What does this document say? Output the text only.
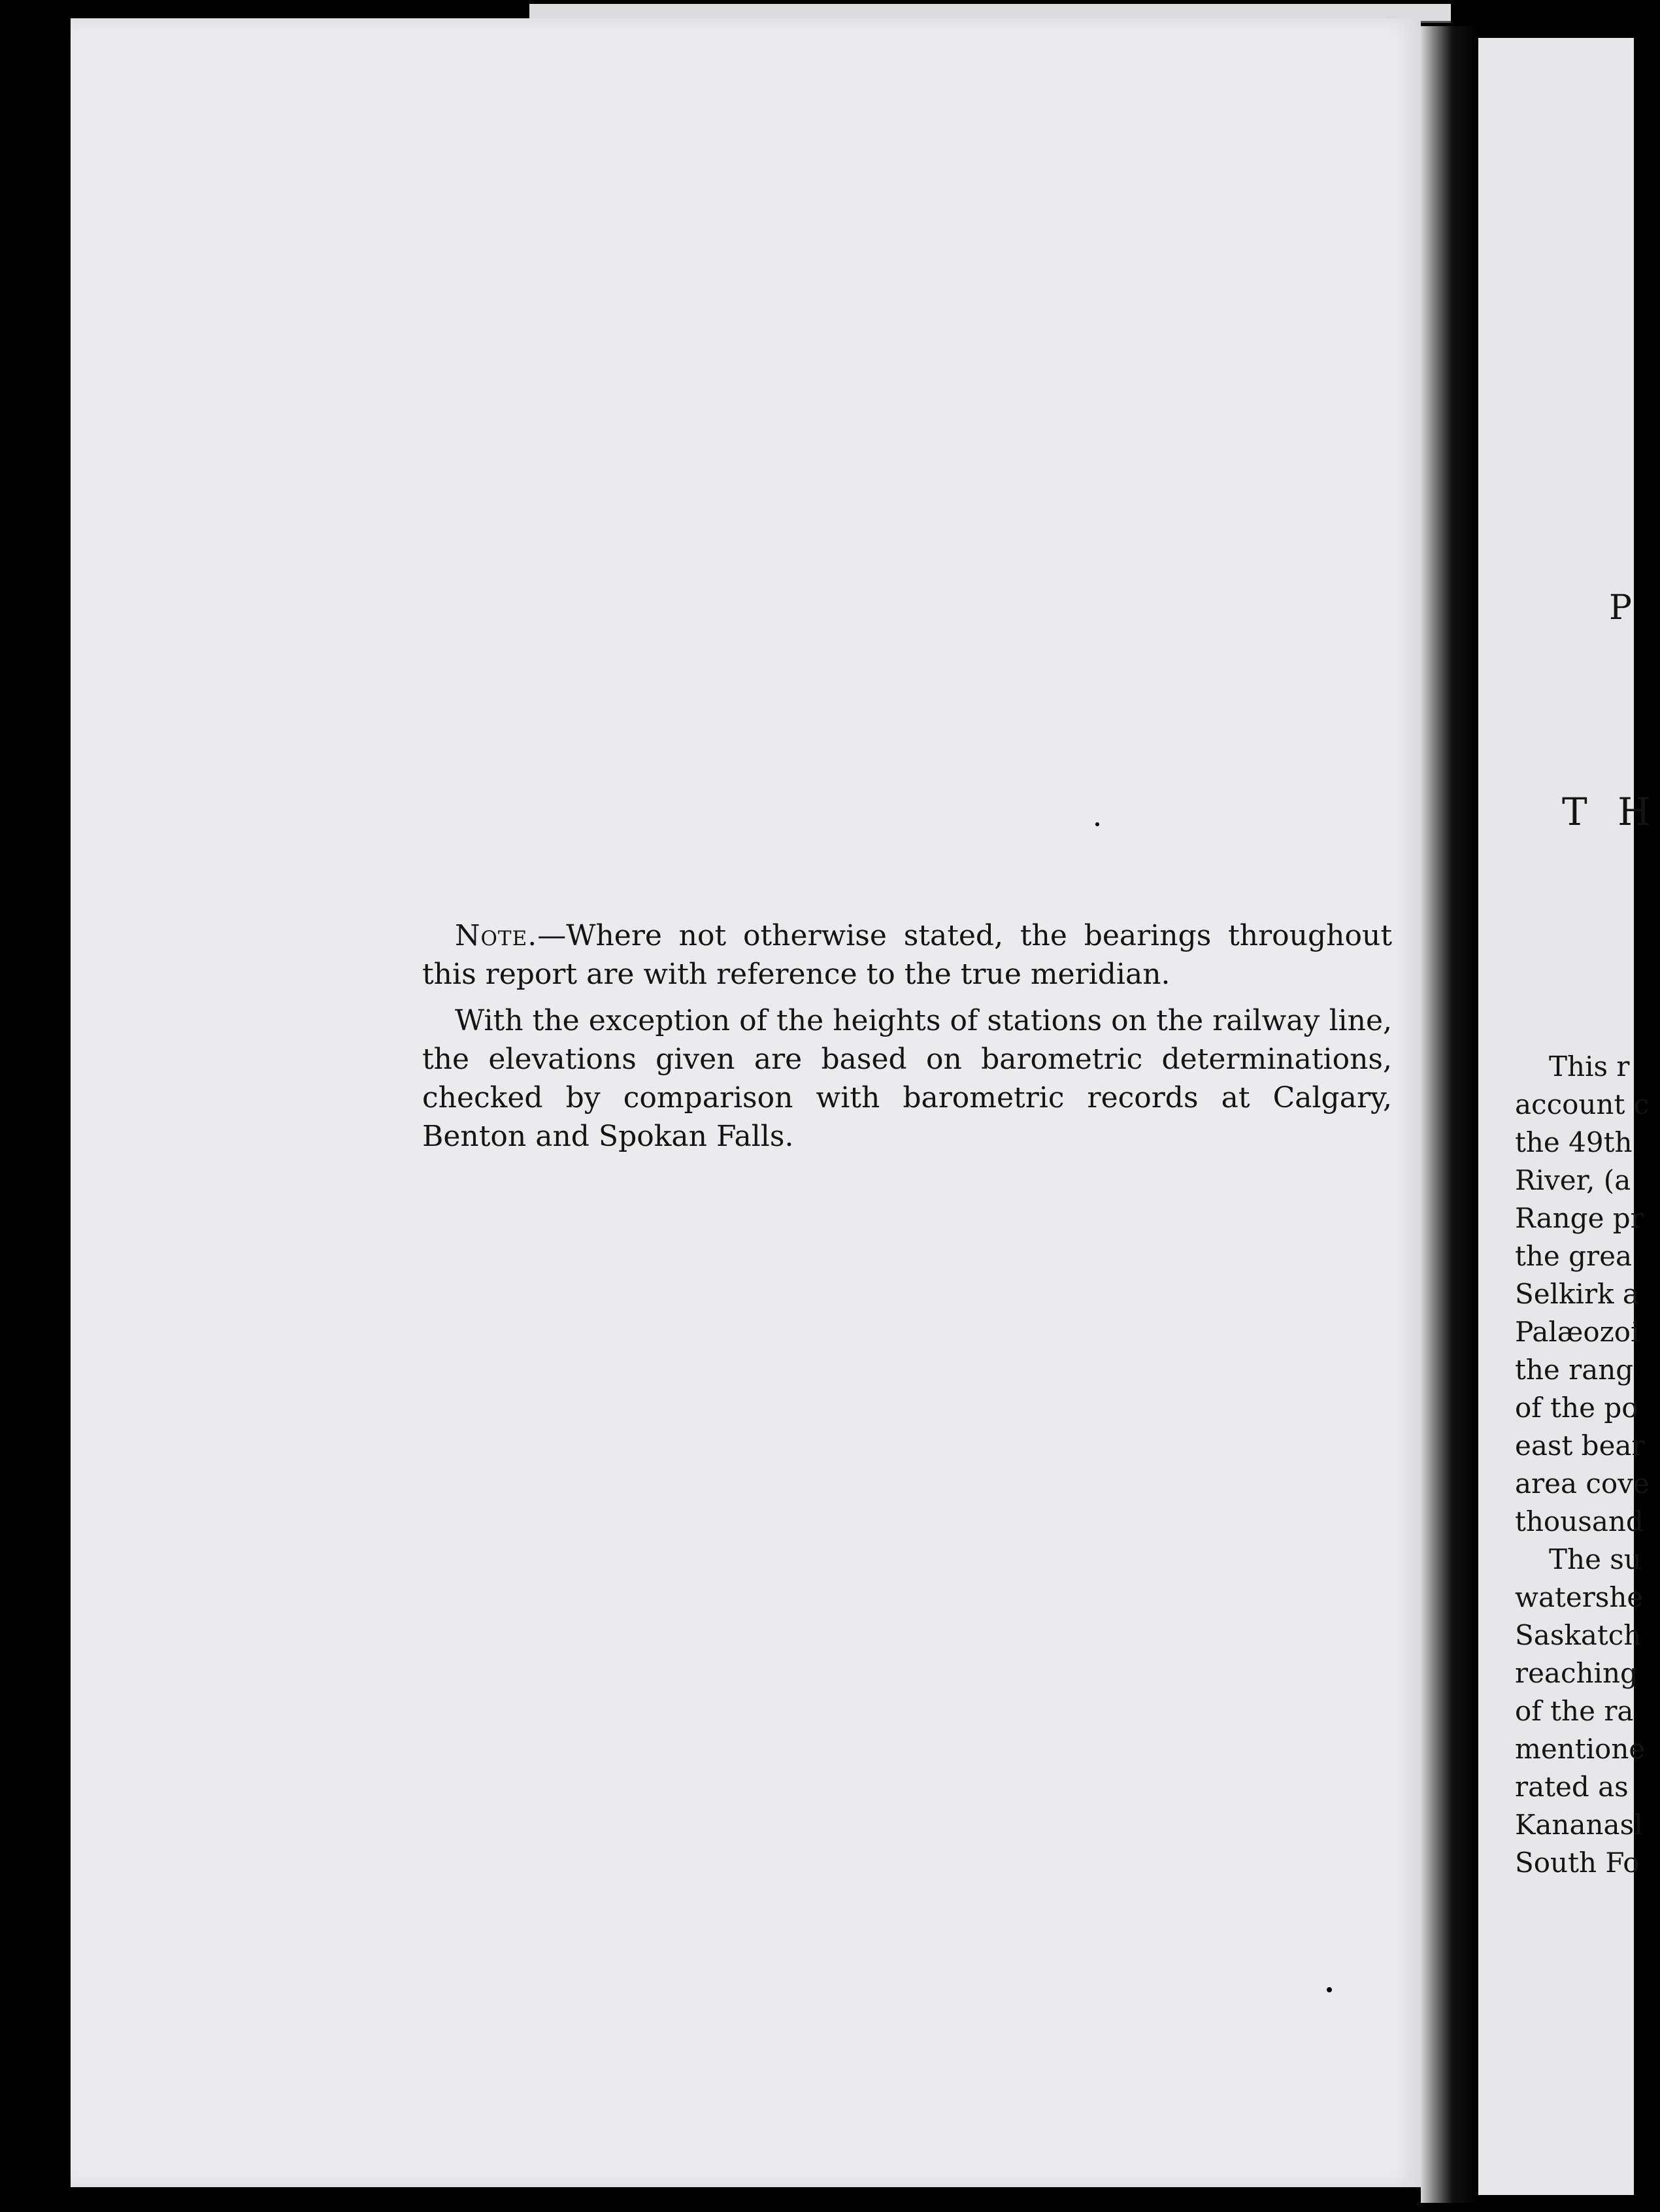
Note.—Where not otherwise stated, the bearings throughout this report are with reference to the true meridian.

With the exception of the heights of stations on the railway line, the elevations given are based on barometric determinations, checked by comparison with barometric records at Calgary, Benton and Spokan Falls.

P
T H
This r
account c
the 49th
River, (a
Range pr
the grea
Selkirk a
Palæozoi
the rang
of the po
east bear
area cove
thousand
The su
watershe
Saskatch
reaching
of the ra
mentione
rated as
Kananasl
South Fo
